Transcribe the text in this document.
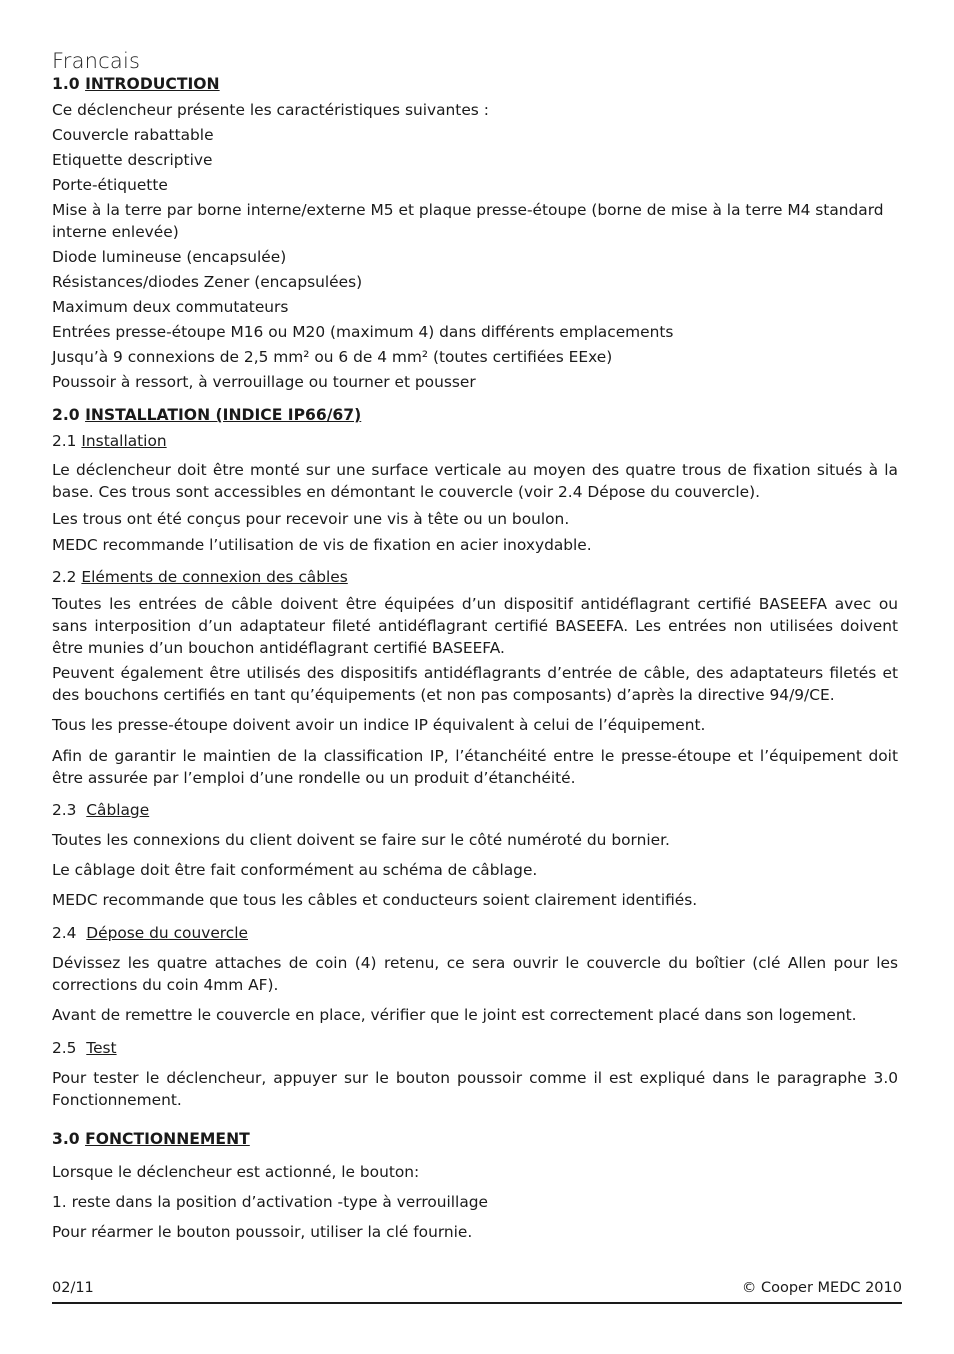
Francais
1.0 INTRODUCTION
Ce déclencheur présente les caractéristiques suivantes :
Couvercle rabattable
Etiquette descriptive
Porte-étiquette
Mise à la terre par borne interne/externe M5 et plaque presse-étoupe (borne de mise à la terre M4 standard interne enlevée)
Diode lumineuse (encapsulée)
Résistances/diodes Zener (encapsulées)
Maximum deux commutateurs
Entrées presse-étoupe M16 ou M20 (maximum 4) dans différents emplacements
Jusqu’à 9 connexions de 2,5 mm² ou 6 de 4 mm² (toutes certifiées EExe)
Poussoir à ressort, à verrouillage ou tourner et pousser
2.0 INSTALLATION (INDICE IP66/67)
2.1 Installation
Le déclencheur doit être monté sur une surface verticale au moyen des quatre trous de fixation situés à la base. Ces trous sont accessibles en démontant le couvercle (voir 2.4 Dépose du couvercle).
Les trous ont été conçus pour recevoir une vis à tête ou un boulon.
MEDC recommande l’utilisation de vis de fixation en acier inoxydable.
2.2 Eléments de connexion des câbles
Toutes les entrées de câble doivent être équipées d’un dispositif antidéflagrant certifié BASEEFA avec ou sans interposition d’un adaptateur fileté antidéflagrant certifié BASEEFA. Les entrées non utilisées doivent être munies d’un bouchon antidéflagrant certifié BASEEFA.
Peuvent également être utilisés des dispositifs antidéflagrants d’entrée de câble, des adaptateurs filetés et des bouchons certifiés en tant qu’équipements (et non pas composants) d’après la directive 94/9/CE.
Tous les presse-étoupe doivent avoir un indice IP équivalent à celui de l’équipement.
Afin de garantir le maintien de la classification IP, l’étanchéité entre le presse-étoupe et l’équipement doit être assurée par l’emploi d’une rondelle ou un produit d’étanchéité.
2.3 Câblage
Toutes les connexions du client doivent se faire sur le côté numéroté du bornier.
Le câblage doit être fait conformément au schéma de câblage.
MEDC recommande que tous les câbles et conducteurs soient clairement identifiés.
2.4 Dépose du couvercle
Dévissez les quatre attaches de coin (4) retenu, ce sera ouvrir le couvercle du boîtier (clé Allen pour les corrections du coin 4mm AF).
Avant de remettre le couvercle en place, vérifier que le joint est correctement placé dans son logement.
2.5 Test
Pour tester le déclencheur, appuyer sur le bouton poussoir comme il est expliqué dans le paragraphe 3.0 Fonctionnement.
3.0 FONCTIONNEMENT
Lorsque le déclencheur est actionné, le bouton:
1. reste dans la position d’activation -type à verrouillage
Pour réarmer le bouton poussoir, utiliser la clé fournie.
02/11	© Cooper MEDC 2010
